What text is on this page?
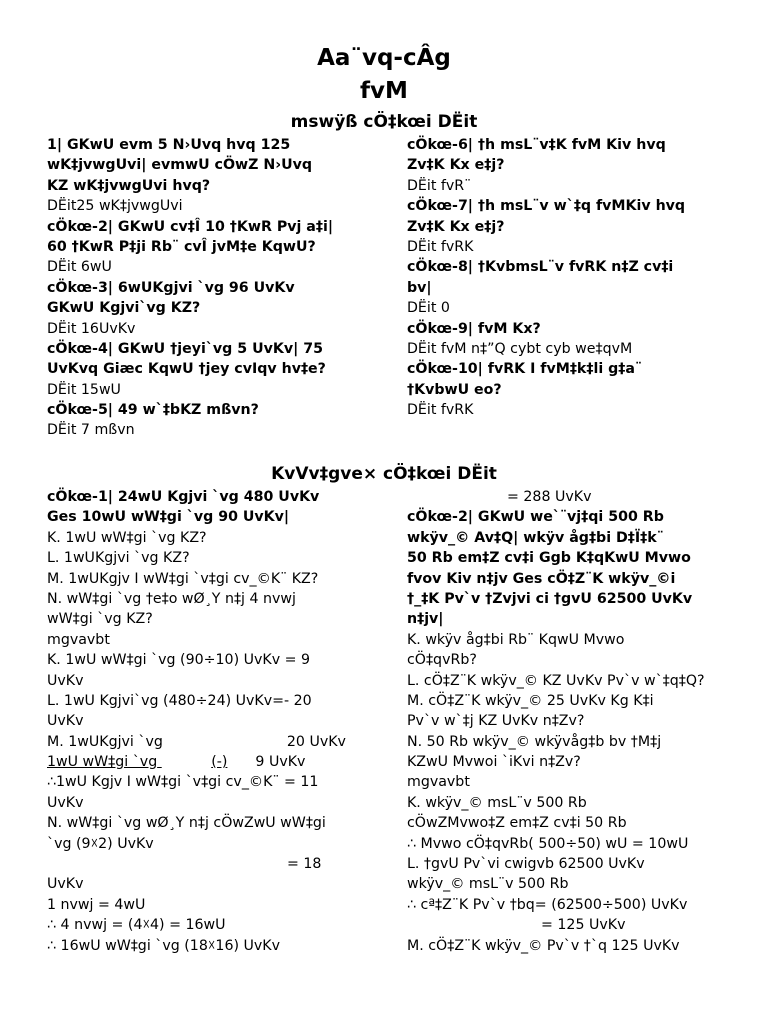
Aa¨vq-cÂg
fvM
mswÿß cÖ‡kœi DËit
1| GKwU evm 5 N›Uvq hvq 125
wK‡jvwgUvi| evmwU cÖwZ N›Uvq
KZ wK‡jvwgUvi hvq?
DËit25 wK‡jvwgUvi
cÖkœ-2| GKwU cv‡Î 10 †KwR Pvj a‡i|
60 †KwR P‡ji Rb¨ cvÎ jvM‡e KqwU?
DËit 6wU
cÖkœ-3| 6wUKgjvi `vg 96 UvKv
GKwU Kgjvi`vg KZ?
DËit 16UvKv
cÖkœ-4| GKwU †jeyi`vg 5 UvKv| 75
UvKvq Giæc KqwU †jey cvIqv hv‡e?
DËit 15wU
cÖkœ-5| 49 w`‡bKZ mßvn?
DËit 7 mßvn
cÖkœ-6| †h msL¨v‡K fvM Kiv hvq
Zv‡K Kx e‡j?
DËit fvR¨
cÖkœ-7| †h msL¨v w`‡q fvMKiv hvq
Zv‡K Kx e‡j?
DËit fvRK
cÖkœ-8| †KvbmsL¨v fvRK n‡Z cv‡i
bv|
DËit 0
cÖkœ-9| fvM Kx?
DËit fvM n‡”Q cybt cyb we‡qvM
cÖkœ-10| fvRK I fvM‡k‡li g‡a¨
†KvbwU eo?
DËit fvRK
KvVv‡gve× cÖ‡kœi DËit
cÖkœ-1| 24wU Kgjvi `vg 480 UvKv
Ges 10wU wW‡gi `vg 90 UvKv|
K. 1wU wW‡gi `vg KZ?
L. 1wUKgjvi `vg KZ?
M. 1wUKgjv I wW‡gi `v‡gi cv_©K¨ KZ?
N. wW‡gi `vg †e‡o wØ¸Y n‡j 4 nvwj
wW‡gi `vg KZ?
mgvavbt
K. 1wU wW‡gi `vg (90÷10) UvKv = 9
UvKv
L. 1wU Kgjvi`vg (480÷24) UvKv=- 20
UvKv
M. 1wUKgjvi `vg	20 UvKv
1wU wW‡gi `vg	(-) 9 UvKv
∴1wU Kgjv I wW‡gi `v‡gi cv_©K¨ = 11
UvKv
N. wW‡gi `vg wØ¸Y n‡j cÖwZwU wW‡gi
`vg (9☓2) UvKv
= 18
UvKv
1 nvwj = 4wU
∴ 4 nvwj = (4☓4) = 16wU
∴ 16wU wW‡gi `vg (18☓16) UvKv
= 288 UvKv
cÖkœ-2| GKwU we`¨vj‡qi 500 Rb
wkÿv_© Av‡Q| wkÿv åg‡bi D‡Ï‡k¨
50 Rb em‡Z cv‡i Ggb K‡qKwU Mvwo
fvov Kiv n‡jv Ges cÖ‡Z¨K wkÿv_©i
†_‡K Pv`v †Zvjvi ci †gvU 62500 UvKv
n‡jv|
K. wkÿv åg‡bi Rb¨ KqwU Mvwo
cÖ‡qvRb?
L. cÖ‡Z¨K wkÿv_© KZ UvKv Pv`v w`‡q‡Q?
M. cÖ‡Z¨K wkÿv_© 25 UvKv Kg K‡i
Pv`v w`‡j KZ UvKv n‡Zv?
N. 50 Rb wkÿv_© wkÿvåg‡b bv †M‡j
KZwU Mvwoi `iKvi n‡Zv?
mgvavbt
K. wkÿv_© msL¨v 500 Rb
cÖwZMvwo‡Z em‡Z cv‡i 50 Rb
∴ Mvwo cÖ‡qvRb( 500÷50) wU = 10wU
L. †gvU Pv`vi cwigvb 62500 UvKv
wkÿv_© msL¨v 500 Rb
∴ cª‡Z¨K Pv`v †bq= (62500÷500) UvKv
= 125 UvKv
M. cÖ‡Z¨K wkÿv_© Pv`v †`q 125 UvKv
